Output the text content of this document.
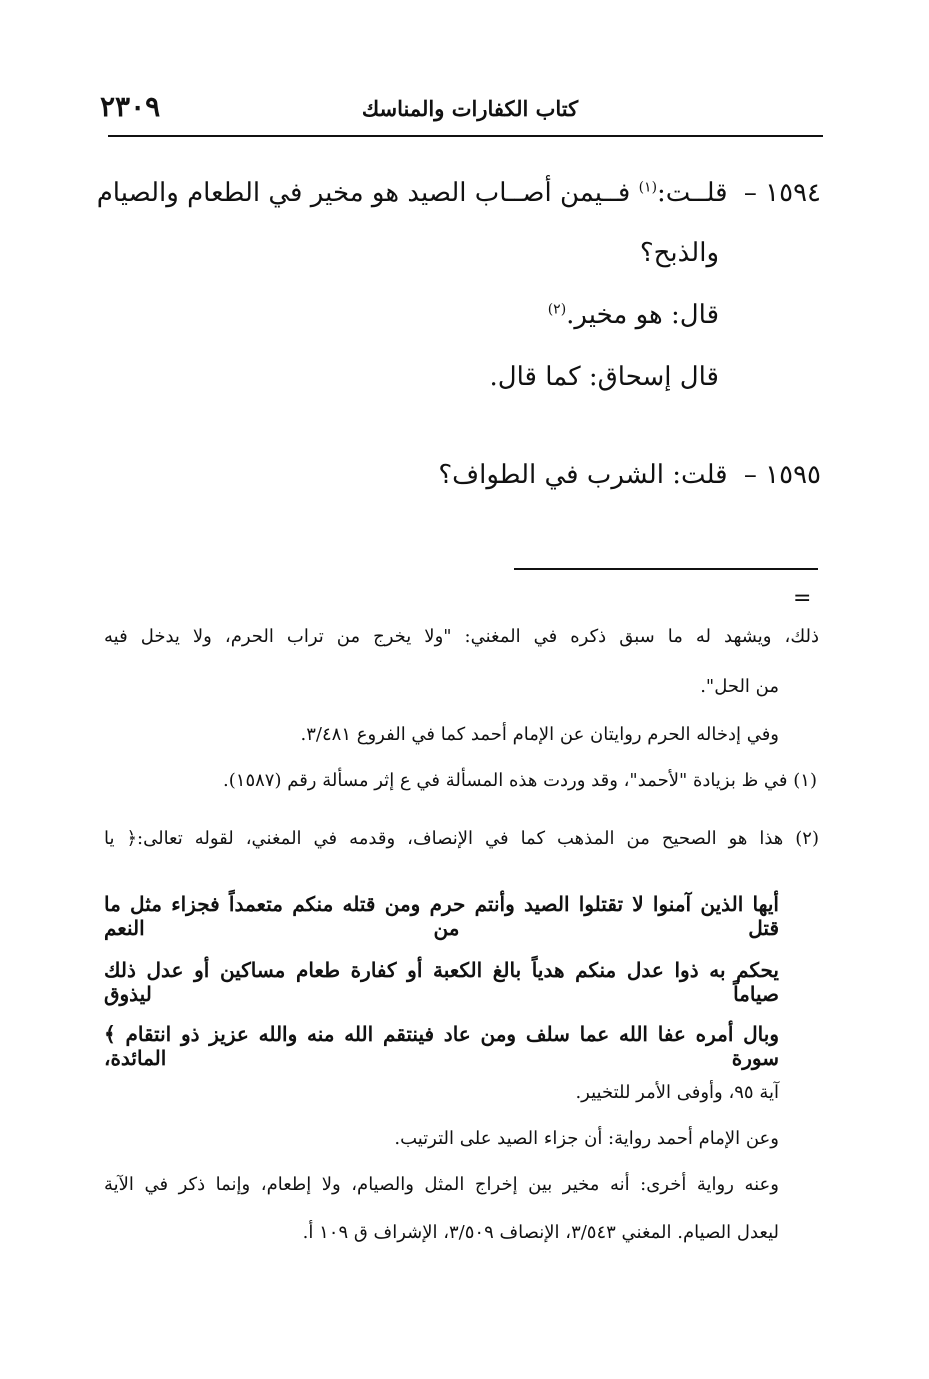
كتاب الكفارات والمناسك
٢٣٠٩
١٥٩٤ – قلــت:$^{(١)}$ فــيمن أصــاب الصيد هو مخير في الطعام والصيام
والذبح؟
قال: هو مخير.$^{(٢)}$
قال إسحاق: كما قال.
١٥٩٥ – قلت: الشرب في الطواف؟
=
ذلك، ويشهد له ما سبق ذكره في المغني: "ولا يخرج من تراب الحرم، ولا يدخل فيه
من الحل".
وفي إدخاله الحرم روايتان عن الإمام أحمد كما في الفروع ٣/٤٨١.
(١) في ظ بزيادة "لأحمد"، وقد وردت هذه المسألة في ع إثر مسألة رقم (١٥٨٧).
(٢) هذا هو الصحيح من المذهب كما في الإنصاف، وقدمه في المغني، لقوله تعالى:﴿ يا
أيها الذين آمنوا لا تقتلوا الصيد وأنتم حرم ومن قتله منكم متعمداً فجزاء مثل ما قتل من النعم
يحكم به ذوا عدل منكم هدياً بالغ الكعبة أو كفارة طعام مساكين أو عدل ذلك صياماً ليذوق
وبال أمره عفا الله عما سلف ومن عاد فينتقم الله منه والله عزيز ذو انتقام ﴾ سورة المائدة،
آية ٩٥، وأوفى الأمر للتخيير.
وعن الإمام أحمد رواية: أن جزاء الصيد على الترتيب.
وعنه رواية أخرى: أنه مخير بين إخراج المثل والصيام، ولا إطعام، وإنما ذكر في الآية
ليعدل الصيام. المغني ٣/٥٤٣، الإنصاف ٣/٥٠٩، الإشراف ق ١٠٩ أ.
